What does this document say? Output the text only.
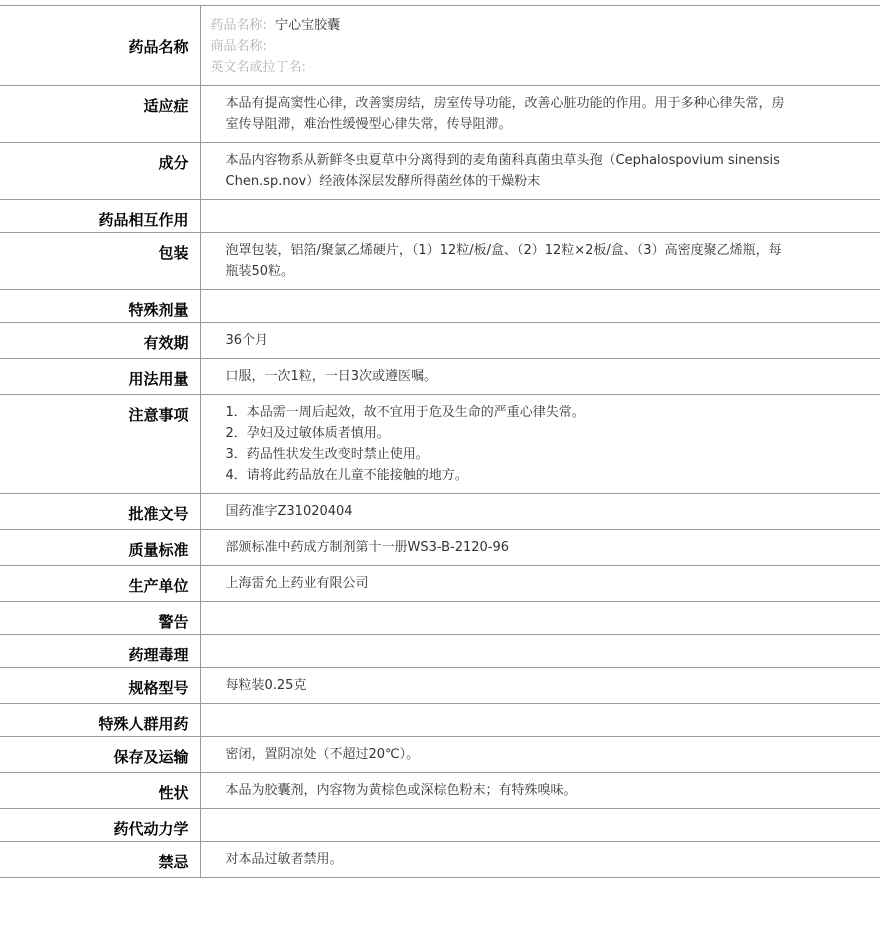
药品名称	药品名称: 宁心宝胶囊
商品名称:
英文名或拉丁名:

适应症	本品有提高窦性心律，改善窦房结，房室传导功能，改善心脏功能的作用。用于多种心律失常，房室传导阻滞，难治性缓慢型心律失常，传导阻滞。
成分	本品内容物系从新鲜冬虫夏草中分离得到的麦角菌科真菌虫草头孢（Cephalospovium sinensis Chen.sp.nov）经液体深层发酵所得菌丝体的干燥粉末
药品相互作用	
包装	泡罩包装，铝箔/聚氯乙烯硬片，（1）12粒/板/盒、（2）12粒×2板/盒、（3）高密度聚乙烯瓶，每瓶装50粒。
特殊剂量	
有效期	36个月
用法用量	口服，一次1粒，一日3次或遵医嘱。
注意事项	1．本品需一周后起效，故不宜用于危及生命的严重心律失常。
2．孕妇及过敏体质者慎用。
3．药品性状发生改变时禁止使用。
4．请将此药品放在儿童不能接触的地方。

批准文号	国药准字Z31020404
质量标准	部颁标准中药成方制剂第十一册WS3-B-2120-96
生产单位	上海雷允上药业有限公司
警告	
药理毒理	
规格型号	每粒装0.25克
特殊人群用药	
保存及运输	密闭，置阴凉处（不超过20℃）。
性状	本品为胶囊剂，内容物为黄棕色或深棕色粉末；有特殊嗅味。
药代动力学	
禁忌	对本品过敏者禁用。
